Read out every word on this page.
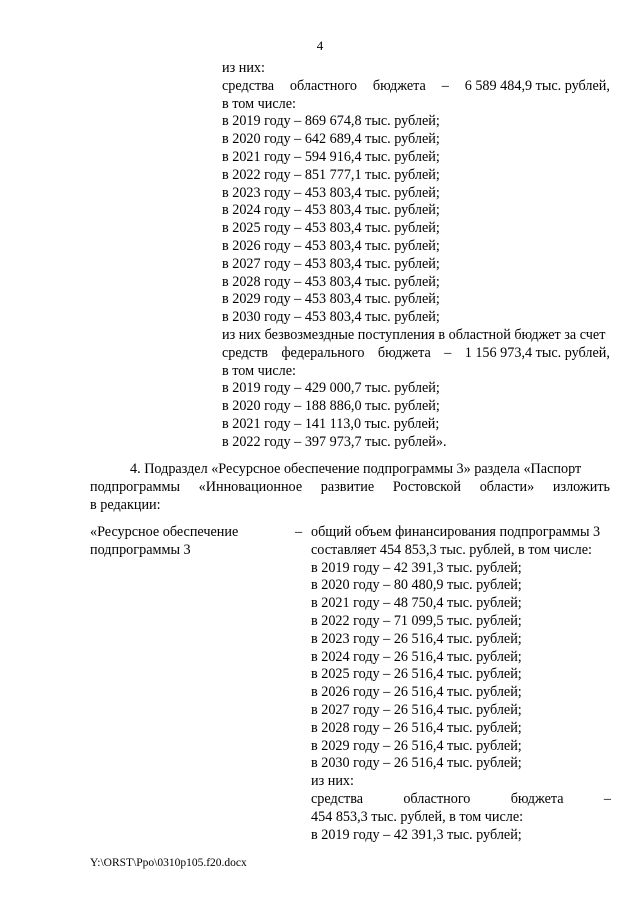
4
из них:
средства областного бюджета – 6 589 484,9 тыс. рублей,
в том числе:
в 2019 году – 869 674,8 тыс. рублей;
в 2020 году – 642 689,4 тыс. рублей;
в 2021 году – 594 916,4 тыс. рублей;
в 2022 году – 851 777,1 тыс. рублей;
в 2023 году – 453 803,4 тыс. рублей;
в 2024 году – 453 803,4 тыс. рублей;
в 2025 году – 453 803,4 тыс. рублей;
в 2026 году – 453 803,4 тыс. рублей;
в 2027 году – 453 803,4 тыс. рублей;
в 2028 году – 453 803,4 тыс. рублей;
в 2029 году – 453 803,4 тыс. рублей;
в 2030 году – 453 803,4 тыс. рублей;
из них безвозмездные поступления в областной бюджет за счет
средств федерального бюджета – 1 156 973,4 тыс. рублей,
в том числе:
в 2019 году – 429 000,7 тыс. рублей;
в 2020 году – 188 886,0 тыс. рублей;
в 2021 году – 141 113,0 тыс. рублей;
в 2022 году – 397 973,7 тыс. рублей».
4. Подраздел «Ресурсное обеспечение подпрограммы 3» раздела «Паспорт
подпрограммы «Инновационное развитие Ростовской области» изложить
в редакции:
«Ресурсное обеспечение
подпрограммы 3
– общий объем финансирования подпрограммы 3
составляет 454 853,3 тыс. рублей, в том числе:
в 2019 году – 42 391,3 тыс. рублей;
в 2020 году – 80 480,9 тыс. рублей;
в 2021 году – 48 750,4 тыс. рублей;
в 2022 году – 71 099,5 тыс. рублей;
в 2023 году – 26 516,4 тыс. рублей;
в 2024 году – 26 516,4 тыс. рублей;
в 2025 году – 26 516,4 тыс. рублей;
в 2026 году – 26 516,4 тыс. рублей;
в 2027 году – 26 516,4 тыс. рублей;
в 2028 году – 26 516,4 тыс. рублей;
в 2029 году – 26 516,4 тыс. рублей;
в 2030 году – 26 516,4 тыс. рублей;
из них:
средства	областного	бюджета	–
454 853,3 тыс. рублей, в том числе:
в 2019 году – 42 391,3 тыс. рублей;
Y:\ORST\Ppo\0310p105.f20.docx
